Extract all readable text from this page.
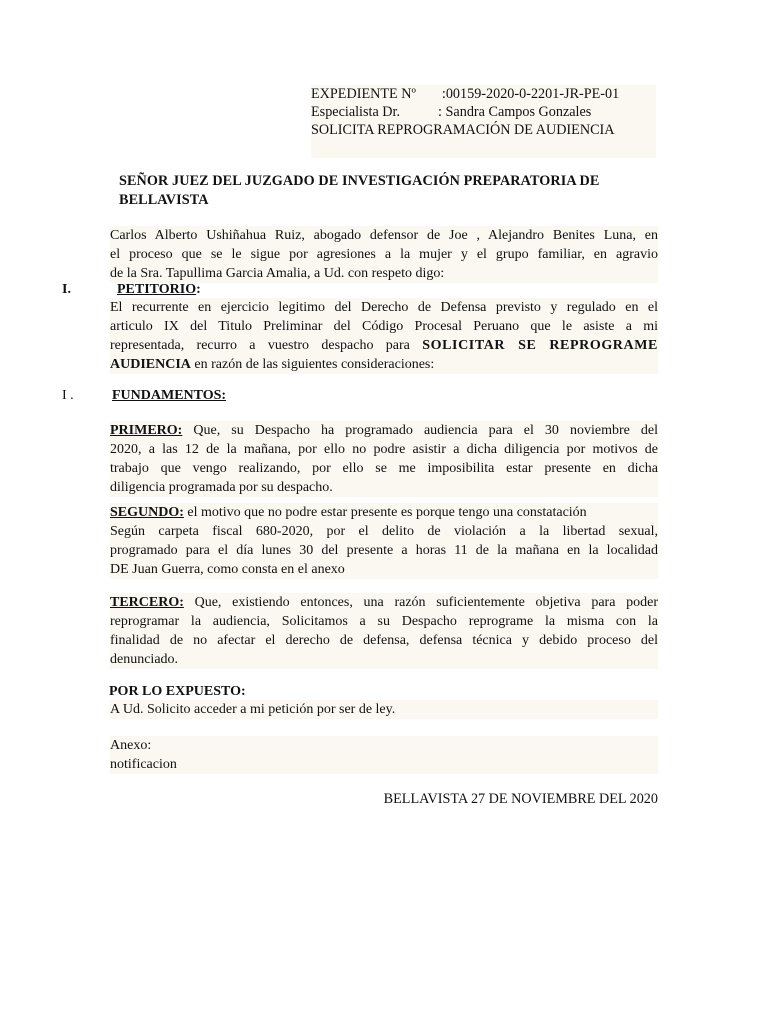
EXPEDIENTE Nº :00159-2020-0-2201-JR-PE-01
Especialista Dr.	: Sandra Campos Gonzales
SOLICITA REPROGRAMACIÓN DE AUDIENCIA
SEÑOR JUEZ DEL JUZGADO DE INVESTIGACIÓN PREPARATORIA DE
BELLAVISTA
Carlos Alberto Ushiñahua Ruiz, abogado defensor de Joe , Alejandro Benites Luna, en
el proceso que se le sigue por agresiones a la mujer y el grupo familiar, en agravio
de la Sra. Tapullima Garcia Amalia, a Ud. con respeto digo:
I.	PETITORIO:
El recurrente en ejercicio legitimo del Derecho de Defensa previsto y regulado en el
articulo IX del Titulo Preliminar del Código Procesal Peruano que le asiste a mi
representada, recurro a vuestro despacho para SOLICITAR SE REPROGRAME
AUDIENCIA en razón de las siguientes consideraciones:
I .	FUNDAMENTOS:
PRIMERO: Que, su Despacho ha programado audiencia para el 30 noviembre del
2020, a las 12 de la mañana, por ello no podre asistir a dicha diligencia por motivos de
trabajo que vengo realizando, por ello se me imposibilita estar presente en dicha
diligencia programada por su despacho.
SEGUNDO: el motivo que no podre estar presente es porque tengo una constatación
Según carpeta fiscal 680-2020, por el delito de violación a la libertad sexual,
programado para el día lunes 30 del presente a horas 11 de la mañana en la localidad
DE Juan Guerra, como consta en el anexo
TERCERO: Que, existiendo entonces, una razón suficientemente objetiva para poder
reprogramar la audiencia, Solicitamos a su Despacho reprograme la misma con la
finalidad de no afectar el derecho de defensa, defensa técnica y debido proceso del
denunciado.
POR LO EXPUESTO:
A Ud. Solicito acceder a mi petición por ser de ley.
Anexo:
notificacion
BELLAVISTA 27 DE NOVIEMBRE DEL 2020
